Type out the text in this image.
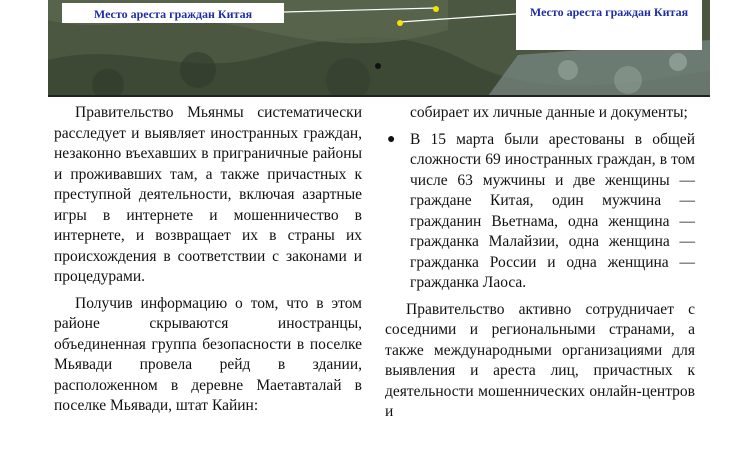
Место ареста граждан Китая	Место ареста граждан Китая

Правительство Мьянмы систематически расследует и выявляет иностранных граждан, незаконно въехавших в приграничные районы и проживавших там, а также причастных к преступной деятельности, включая азартные игры в интернете и мошенничество в интернете, и возвращает их в страны их происхождения в соответствии с законами и процедурами.

Получив информацию о том, что в этом районе скрываются иностранцы, объединенная группа безопасности в поселке Мьявади провела рейд в здании, расположенном в деревне Маетавталай в поселке Мьявади, штат Кайин:

собирает их личные данные и документы;

● В 15 марта были арестованы в общей сложности 69 иностранных граждан, в том числе 63 мужчины и две женщины — граждане Китая, один мужчина — гражданин Вьетнама, одна женщина — гражданка Малайзии, одна женщина — гражданка России и одна женщина — гражданка Лаоса.

Правительство активно сотрудничает с соседними и региональными странами, а также международными организациями для выявления и ареста лиц, причастных к деятельности мошеннических онлайн-центров и
